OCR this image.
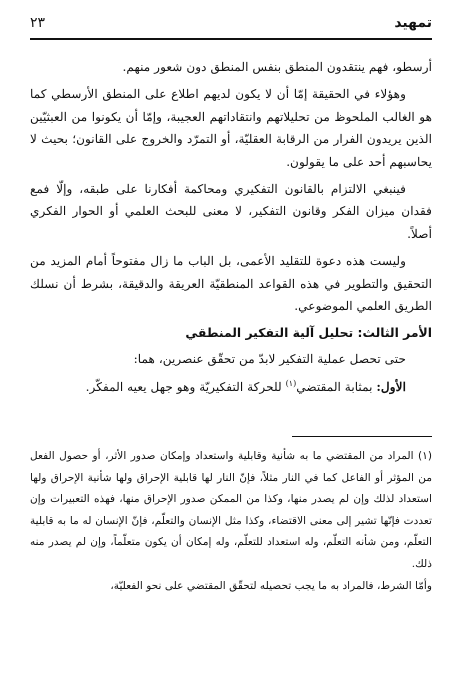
تمهيد
٢٣

أرسطو، فهم ينتقدون المنطق بنفس المنطق دون شعور منهم.

وهؤلاء في الحقيقة إمّا أن لا يكون لديهم اطلاع على المنطق الأرسطي كما هو الغالب الملحوظ من تحليلاتهم وانتقاداتهم العجيبة، وإمّا أن يكونوا من العبثيّين الذين يريدون الفرار من الرقابة العقليّة، أو التمرّد والخروج على القانون؛ بحيث لا يحاسبهم أحد على ما يقولون.

فينبغي الالتزام بالقانون التفكيري ومحاكمة أفكارنا على طبقه، وإلّا فمع فقدان ميزان الفكر وقانون التفكير، لا معنى للبحث العلمي أو الحوار الفكري أصلاً.

وليست هذه دعوة للتقليد الأعمى، بل الباب ما زال مفتوحاً أمام المزيد من التحقيق والتطوير في هذه القواعد المنطقيّة العريقة والدقيقة، بشرط أن نسلك الطريق العلمي الموضوعي.

الأمر الثالث: تحليل آلية التفكير المنطقي

حتى تحصل عملية التفكير لابدّ من تحقّق عنصرين، هما:

الأول: بمثابة المقتضي$^{(١)}$ للحركة التفكيريّة وهو جهل يعيه المفكّر.

(١) المراد من المقتضي ما به شأنية وقابلية واستعداد وإمكان صدور الأثر، أو حصول الفعل من المؤثر أو الفاعل كما في النار مثلاً، فإنّ النار لها قابلية الإحراق ولها شأنية الإحراق ولها استعداد لذلك وإن لم يصدر منها، وكذا من الممكن صدور الإحراق منها، فهذه التعبيرات وإن تعددت فإنّها تشير إلى معنى الاقتضاء، وكذا مثل الإنسان والتعلّم، فإنّ الإنسان له ما به قابلية التعلّم، ومن شأنه التعلّم، وله استعداد للتعلّم، وله إمكان أن يكون متعلّماً، وإن لم يصدر منه ذلك.

وأمّا الشرط، فالمراد به ما يجب تحصيله لتحقّق المقتضي على نحو الفعليّة،
